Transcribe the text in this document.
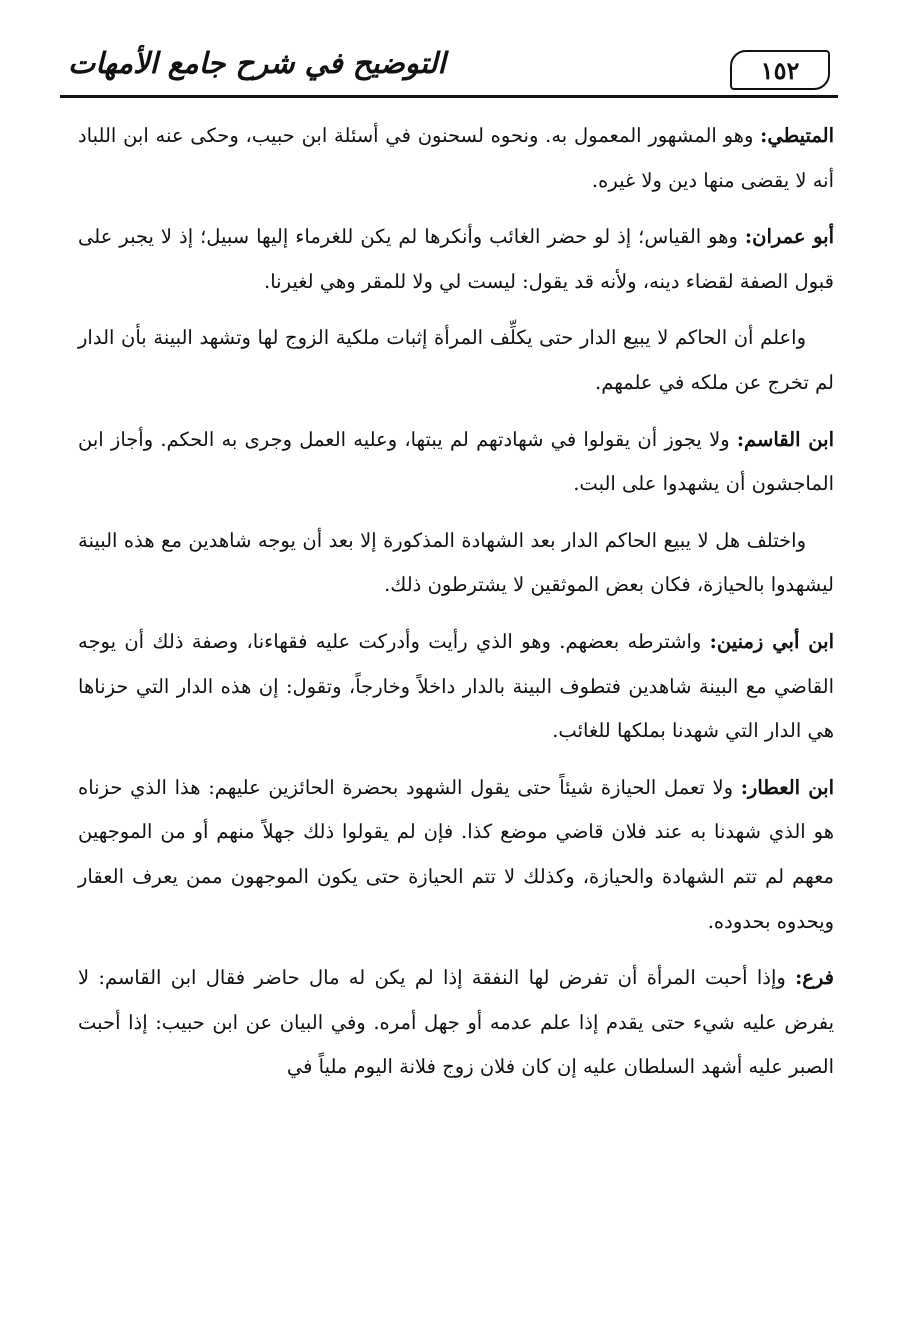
١٥٢
التوضيح في شرح جامع الأمهات

المتيطي: وهو المشهور المعمول به. ونحوه لسحنون في أسئلة ابن حبيب، وحكى عنه ابن اللباد أنه لا يقضى منها دين ولا غيره.

أبو عمران: وهو القياس؛ إذ لو حضر الغائب وأنكرها لم يكن للغرماء إليها سبيل؛ إذ لا يجبر على قبول الصفة لقضاء دينه، ولأنه قد يقول: ليست لي ولا للمقر وهي لغيرنا.

واعلم أن الحاكم لا يبيع الدار حتى يكلِّف المرأة إثبات ملكية الزوج لها وتشهد البينة بأن الدار لم تخرج عن ملكه في علمهم.

ابن القاسم: ولا يجوز أن يقولوا في شهادتهم لم يبتها، وعليه العمل وجرى به الحكم. وأجاز ابن الماجشون أن يشهدوا على البت.

واختلف هل لا يبيع الحاكم الدار بعد الشهادة المذكورة إلا بعد أن يوجه شاهدين مع هذه البينة ليشهدوا بالحيازة، فكان بعض الموثقين لا يشترطون ذلك.

ابن أبي زمنين: واشترطه بعضهم. وهو الذي رأيت وأدركت عليه فقهاءنا، وصفة ذلك أن يوجه القاضي مع البينة شاهدين فتطوف البينة بالدار داخلاً وخارجاً، وتقول: إن هذه الدار التي حزناها هي الدار التي شهدنا بملكها للغائب.

ابن العطار: ولا تعمل الحيازة شيئاً حتى يقول الشهود بحضرة الحائزين عليهم: هذا الذي حزناه هو الذي شهدنا به عند فلان قاضي موضع كذا. فإن لم يقولوا ذلك جهلاً منهم أو من الموجهين معهم لم تتم الشهادة والحيازة، وكذلك لا تتم الحيازة حتى يكون الموجهون ممن يعرف العقار ويحدوه بحدوده.

فرع: وإذا أحبت المرأة أن تفرض لها النفقة إذا لم يكن له مال حاضر فقال ابن القاسم: لا يفرض عليه شيء حتى يقدم إذا علم عدمه أو جهل أمره. وفي البيان عن ابن حبيب: إذا أحبت الصبر عليه أشهد السلطان عليه إن كان فلان زوج فلانة اليوم ملياً في
